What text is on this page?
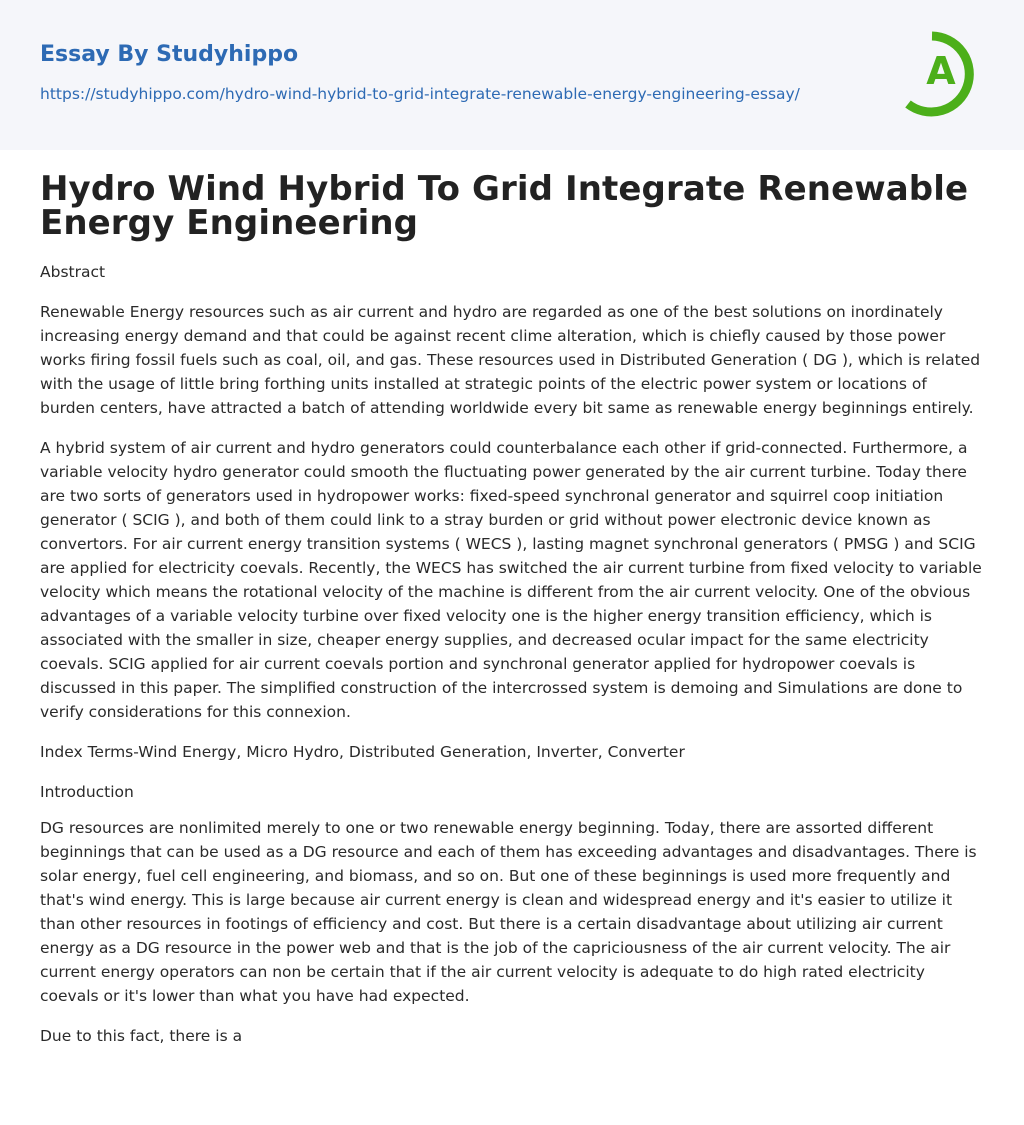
Essay By Studyhippo
https://studyhippo.com/hydro-wind-hybrid-to-grid-integrate-renewable-energy-engineering-essay/
A
Hydro Wind Hybrid To Grid Integrate Renewable Energy Engineering

Abstract

Renewable Energy resources such as air current and hydro are regarded as one of the best solutions on inordinately increasing energy demand and that could be against recent clime alteration, which is chiefly caused by those power works firing fossil fuels such as coal, oil, and gas. These resources used in Distributed Generation ( DG ), which is related with the usage of little bring forthing units installed at strategic points of the electric power system or locations of burden centers, have attracted a batch of attending worldwide every bit same as renewable energy beginnings entirely.

A hybrid system of air current and hydro generators could counterbalance each other if grid-connected. Furthermore, a variable velocity hydro generator could smooth the fluctuating power generated by the air current turbine. Today there are two sorts of generators used in hydropower works: fixed-speed synchronal generator and squirrel coop initiation generator ( SCIG ), and both of them could link to a stray burden or grid without power electronic device known as convertors. For air current energy transition systems ( WECS ), lasting magnet synchronal generators ( PMSG ) and SCIG are applied for electricity coevals. Recently, the WECS has switched the air current turbine from fixed velocity to variable velocity which means the rotational velocity of the machine is different from the air current velocity. One of the obvious advantages of a variable velocity turbine over fixed velocity one is the higher energy transition efficiency, which is associated with the smaller in size, cheaper energy supplies, and decreased ocular impact for the same electricity coevals. SCIG applied for air current coevals portion and synchronal generator applied for hydropower coevals is discussed in this paper. The simplified construction of the intercrossed system is demoing and Simulations are done to verify considerations for this connexion.

Index Terms-Wind Energy, Micro Hydro, Distributed Generation, Inverter, Converter

Introduction

DG resources are nonlimited merely to one or two renewable energy beginning. Today, there are assorted different beginnings that can be used as a DG resource and each of them has exceeding advantages and disadvantages. There is solar energy, fuel cell engineering, and biomass, and so on. But one of these beginnings is used more frequently and that's wind energy. This is large because air current energy is clean and widespread energy and it's easier to utilize it than other resources in footings of efficiency and cost. But there is a certain disadvantage about utilizing air current energy as a DG resource in the power web and that is the job of the capriciousness of the air current velocity. The air current energy operators can non be certain that if the air current velocity is adequate to do high rated electricity coevals or it's lower than what you have had expected.

Due to this fact, there is a
